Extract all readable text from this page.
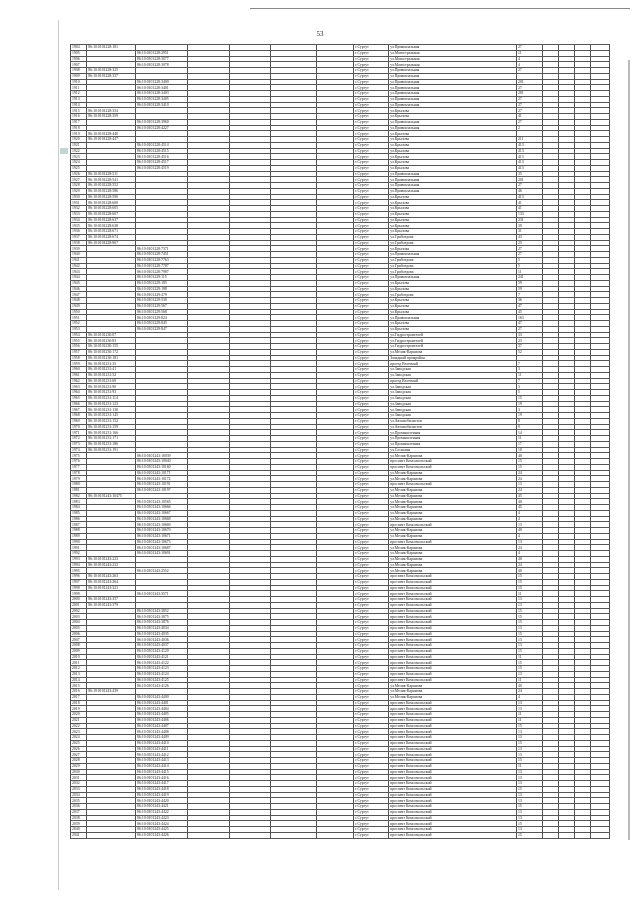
53
1904	86:10:0101228:181						г.Сургут	ул.Привокзальная	27				
1905		86:10:0101228:2951					г.Сургут	ул.Магистральная	11				
1906		86:10:0101228:3077					г.Сургут	ул.Магистральная	4				
1907		86:10:0101228:3078					г.Сургут	ул.Магистральная	4				
1908	86:10:0101228:325						г.Сургут	ул.Привокзальная	27				
1909	86:10:0101228:337						г.Сургут	ул.Привокзальная					
1910		86:10:0101228:3400					г.Сургут	ул.Привокзальная	201				
1911		86:10:0101228:3401					г.Сургут	ул.Привокзальная	27				
1912		86:10:0101228:3403					г.Сургут	ул.Привокзальная	201				
1913		86:10:0101228:3405					г.Сургут	ул.Привокзальная	27				
1914		86:10:0101228:3410					г.Сургут	ул.Привокзальная	27				
1915	86:10:0101228:354						г.Сургут	ул.Крылова	27				
1916	86:10:0101228:359						г.Сургут	ул.Крылова	41				
1917		86:10:0101228:3960					г.Сургут	ул.Привокзальная	27				
1918		86:10:0101228:4227					г.Сургут	ул.Привокзальная	2				
1919	86:10:0101228:440						г.Сургут	ул.Крылова					
1920	86:10:0101228:447						г.Сургут	ул.Крылова	211				
1921		86:10:0101228:4514					г.Сургут	ул.Крылова	413				
1922		86:10:0101228:4515					г.Сургут	ул.Крылова	413				
1923		86:10:0101228:4516					г.Сургут	ул.Крылова	413				
1924		86:10:0101228:4517					г.Сургут	ул.Крылова	413				
1925		86:10:0101228:4519					г.Сургут	ул.Крылова	413				
1926	86:10:0101228:511						г.Сургут	ул.Привокзальная	35				
1927	86:10:0101228:541						г.Сургут	ул.Привокзальная	201				
1928	86:10:0101228:552						г.Сургут	ул.Привокзальная	27				
1929	86:10:0101228:586						г.Сургут	ул.Привокзальная	46				
1930	86:10:0101228:590						г.Сургут	ул.Крылова	413				
1931	86:10:0101228:600						г.Сургут	ул.Крылова	41				
1932	86:10:0101228:605						г.Сургут	ул.Крылова	41				
1933	86:10:0101228:607						г.Сургут	ул.Крылова	133				
1934	86:10:0101228:637						г.Сургут	ул.Крылова	231				
1935	86:10:0101228:638						г.Сургут	ул.Крылова	39				
1936	86:10:0101228:671						г.Сургут	ул.Крылова	31				
1937	86:10:0101228:674						г.Сургут	ул.Грибоедова	43				
1938	86:10:0101228:867						г.Сургут	ул.Грибоедова	25				
1939		86:10:0101228:7371					г.Сургут	ул.Крылова	27				
1940		86:10:0101228:7451					г.Сургут	ул.Привокзальная	27				
1941		86:10:0101228:7763					г.Сургут	ул.Грибоедова	5				
1942		86:10:0101228:7787					г.Сургут	ул.Грибоедова	5				
1943		86:10:0101228:7987					г.Сургут	ул.Грибоедова	11				
1944		86:10:0101229:115					г.Сургут	ул.Привокзальная	241				
1945		86:10:0101229:185					г.Сургут	ул.Крылова	59				
1946		86:10:0101229:188					г.Сургут	ул.Крылова	59				
1947		86:10:0101229:479					г.Сургут	ул.Грибоедова	7				
1948		86:10:0101229:530					г.Сургут	ул.Крылова	36				
1949		86:10:0101229:567					г.Сургут	ул.Крылова	47				
1950		86:10:0101229:568					г.Сургут	ул.Крылова	45				
1951		86:10:0101229:824					г.Сургут	ул.Привокзальная	163				
1952		86:10:0101229:845					г.Сургут	ул.Крылова	47				
1953		86:10:0101229:847					г.Сургут	ул.Крылова	27				
1954	86:10:0101230:07						г.Сургут	ул.Гидростроителей	33				
1955	86:10:0101230:83						г.Сургут	ул.Гидростроителей	23				
1956	86:10:0101230:155						г.Сургут	ул.Гидростроителей	37				
1957	86:10:0101230:172						г.Сургут	ул.Мелик-Карамова	52				
1958	86:10:0101230:181						г.Сургут	Западный промрайон					
1959	86:10:0101231:35						г.Сургут	проезд Взлетный	7				
1960	86:10:0101231:41						г.Сургут	ул.Заводская	3				
1961	86:10:0101231:52						г.Сургут	ул.Заводская	11				
1962	86:10:0101231:69						г.Сургут	проезд Взлетный	7				
1963	86:10:0101231:90						г.Сургут	ул.Заводская	3				
1964	86:10:0101231:93						г.Сургут	ул.Заводская	5				
1965	86:10:0101231:114						г.Сургут	ул.Заводская	15				
1966	86:10:0101231:123						г.Сургут	ул.Заводская	19				
1967	86:10:0101231:130						г.Сургут	ул.Заводская	3				
1968	86:10:0101231:145						г.Сургут	ул.Заводская	19				
1969	86:10:0101231:152						г.Сургут	ул.Автомобилистов	8				
1970	86:10:0101231:159						г.Сургут	ул.Автомобилистов	9				
1971	86:10:0101231:166						г.Сургут	ул.Промышленная	14				
1972	86:10:0101231:171						г.Сургут	ул.Промышленная	11				
1973	86:10:0101231:186						г.Сургут	ул.Промышленная	17				
1974	86:10:0101231:191						г.Сургут	ул.Сосновая	10				
1975		86:10:0101243:10039					г.Сургут	ул.Мелик-Карамова	40				
1976		86:10:0101243:10040					г.Сургут	проспект Комсомольский	15				
1977		86:10:0101243:10160					г.Сургут	проспект Комсомольский	15				
1978		86:10:0101243:10171					г.Сургут	ул.Мелик-Карамова	24				
1979		86:10:0101243:10172					г.Сургут	ул.Мелик-Карамова	24				
1980		86:10:0101243:10191					г.Сургут	проспект Комсомольский	13				
1981		86:10:0101243:10197					г.Сургут	ул.Мелик-Карамова	24				
1982	86:10:0101243:10475						г.Сургут	ул.Мелик-Карамова	45				
1983		86:10:0101243:10565					г.Сургут	ул.Мелик-Карамова	40				
1984		86:10:0101243:10666					г.Сургут	ул.Мелик-Карамова	45				
1985		86:10:0101243:10667					г.Сургут	ул.Мелик-Карамова	4				
1986		86:10:0101243:10668					г.Сургут	ул.Мелик-Карамова	4				
1987		86:10:0101243:10669					г.Сургут	проспект Комсомольский	13				
1988		86:10:0101243:10670					г.Сургут	ул.Мелик-Карамова	40				
1989		86:10:0101243:10671					г.Сургут	ул.Мелик-Карамова	4				
1990		86:10:0101243:10673					г.Сургут	проспект Комсомольский	13				
1991		86:10:0101243:10687					г.Сургут	ул.Мелик-Карамова	24				
1992		86:10:0101243:10691					г.Сургут	ул.Мелик-Карамова	4				
1993	86:10:0101243:223						г.Сургут	ул.Мелик-Карамова	40				
1994	86:10:0101243:232						г.Сургут	ул.Мелик-Карамова	24				
1995		86:10:0101243:2552					г.Сургут	ул.Мелик-Карамова	40				
1996	86:10:0101243:263						г.Сургут	проспект Комсомольский	15				
1997	86:10:0101243:264						г.Сургут	проспект Комсомольский	15				
1998	86:10:0101243:321						г.Сургут	проспект Комсомольский	15				
1999		86:10:0101243:3571					г.Сургут	проспект Комсомольский	11				
2000	86:10:0101243:357						г.Сургут	проспект Комсомольский	13				
2001	86:10:0101243:379						г.Сургут	проспект Комсомольский	13				
2002		86:10:0101243:3852					г.Сургут	проспект Комсомольский	15				
2003		86:10:0101243:3875					г.Сургут	проспект Комсомольский	15				
2004		86:10:0101243:3876					г.Сургут	проспект Комсомольский	15				
2005		86:10:0101243:4034					г.Сургут	проспект Комсомольский	13				
2006		86:10:0101243:4035					г.Сургут	проспект Комсомольский	15				
2007		86:10:0101243:4036					г.Сургут	проспект Комсомольский	13				
2008		86:10:0101243:4037					г.Сургут	проспект Комсомольский	13				
2009		86:10:0101243:4120					г.Сургут	проспект Комсомольский	15				
2010		86:10:0101243:4121					г.Сургут	проспект Комсомольский	11				
2011		86:10:0101243:4122					г.Сургут	проспект Комсомольский	15				
2012		86:10:0101243:4123					г.Сургут	проспект Комсомольский	15				
2013		86:10:0101243:4124					г.Сургут	проспект Комсомольский	13				
2014		86:10:0101243:4125					г.Сургут	проспект Комсомольский	11				
2015		86:10:0101243:4126					г.Сургут	ул.Мелик-Карамова	40				
2016	86:10:0101243:439						г.Сургут	ул.Мелик-Карамова	24				
2017		86:10:0101243:4400					г.Сургут	ул.Мелик-Карамова	4				
2018		86:10:0101243:4401					г.Сургут	проспект Комсомольский	13				
2019		86:10:0101243:4404					г.Сургут	проспект Комсомольский	13				
2020		86:10:0101243:4405					г.Сургут	проспект Комсомольский	11				
2021		86:10:0101243:4406					г.Сургут	проспект Комсомольский	11				
2022		86:10:0101243:4407					г.Сургут	проспект Комсомольский	15				
2023		86:10:0101243:4408					г.Сургут	проспект Комсомольский	13				
2024		86:10:0101243:4409					г.Сургут	проспект Комсомольский	13				
2025		86:10:0101243:4410					г.Сургут	проспект Комсомольский	15				
2026		86:10:0101243:4411					г.Сургут	проспект Комсомольский	13				
2027		86:10:0101243:4412					г.Сургут	проспект Комсомольский	13				
2028		86:10:0101243:4413					г.Сургут	проспект Комсомольский	15				
2029		86:10:0101243:4414					г.Сургут	проспект Комсомольский	11				
2030		86:10:0101243:4415					г.Сургут	проспект Комсомольский	13				
2031		86:10:0101243:4416					г.Сургут	проспект Комсомольский	13				
2032		86:10:0101243:4417					г.Сургут	проспект Комсомольский	13				
2033		86:10:0101243:4418					г.Сургут	проспект Комсомольский	15				
2034		86:10:0101243:4419					г.Сургут	проспект Комсомольский	13				
2035		86:10:0101243:4420					г.Сургут	проспект Комсомольский	13				
2036		86:10:0101243:4421					г.Сургут	проспект Комсомольский	15				
2037		86:10:0101243:4422					г.Сургут	проспект Комсомольский	13				
2038		86:10:0101243:4423					г.Сургут	проспект Комсомольский	13				
2039		86:10:0101243:4424					г.Сургут	проспект Комсомольский	15				
2040		86:10:0101243:4425					г.Сургут	проспект Комсомольский	13				
2041		86:10:0101243:4426					г.Сургут	проспект Комсомольский	15				
